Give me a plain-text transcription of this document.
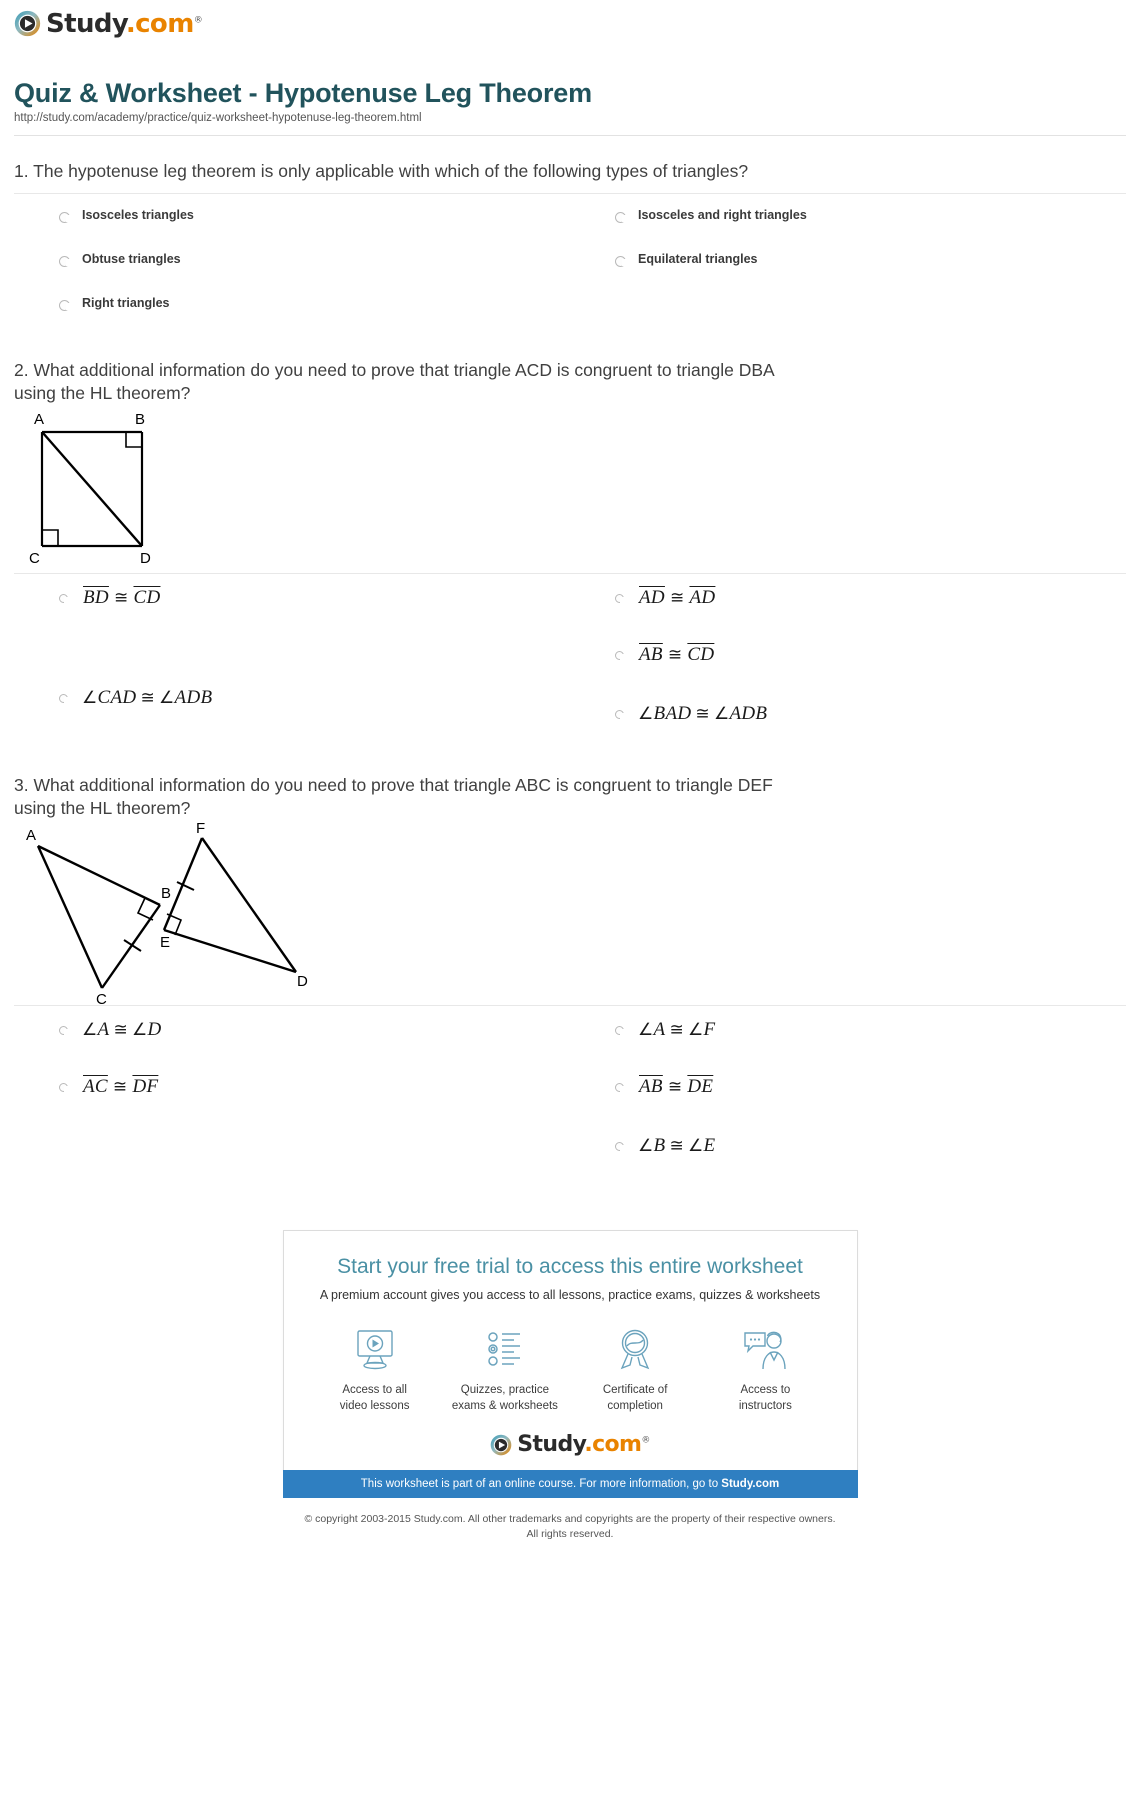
Study.com®
Quiz & Worksheet - Hypotenuse Leg Theorem

http://study.com/academy/practice/quiz-worksheet-hypotenuse-leg-theorem.html

1. The hypotenuse leg theorem is only applicable with which of the following types of triangles?

Isosceles triangles
Obtuse triangles
Right triangles
Isosceles and right triangles
Equilateral triangles

2. What additional information do you need to prove that triangle ACD is congruent to triangle DBA using the HL theorem?

A	B
C	D
$\overline{BD}$ ≅ $\overline{CD}$
∠CAD ≅ ∠ADB
$\overline{AD}$ ≅ $\overline{AD}$
$\overline{AB}$ ≅ $\overline{CD}$
∠BAD ≅ ∠ADB

3. What additional information do you need to prove that triangle ABC is congruent to triangle DEF using the HL theorem?

A	F
B
E
C
D
∠A ≅ ∠D
$\overline{AC}$ ≅ $\overline{DF}$
∠A ≅ ∠F
$\overline{AB}$ ≅ $\overline{DE}$
∠B ≅ ∠E

Start your free trial to access this entire worksheet

A premium account gives you access to all lessons, practice exams, quizzes & worksheets

Access to all
video lessons
Quizzes, practice
exams & worksheets
Certificate of
completion
Access to
instructors
Study.com®
This worksheet is part of an online course. For more information, go to Study.com
© copyright 2003-2015 Study.com. All other trademarks and copyrights are the property of their respective owners.
All rights reserved.
